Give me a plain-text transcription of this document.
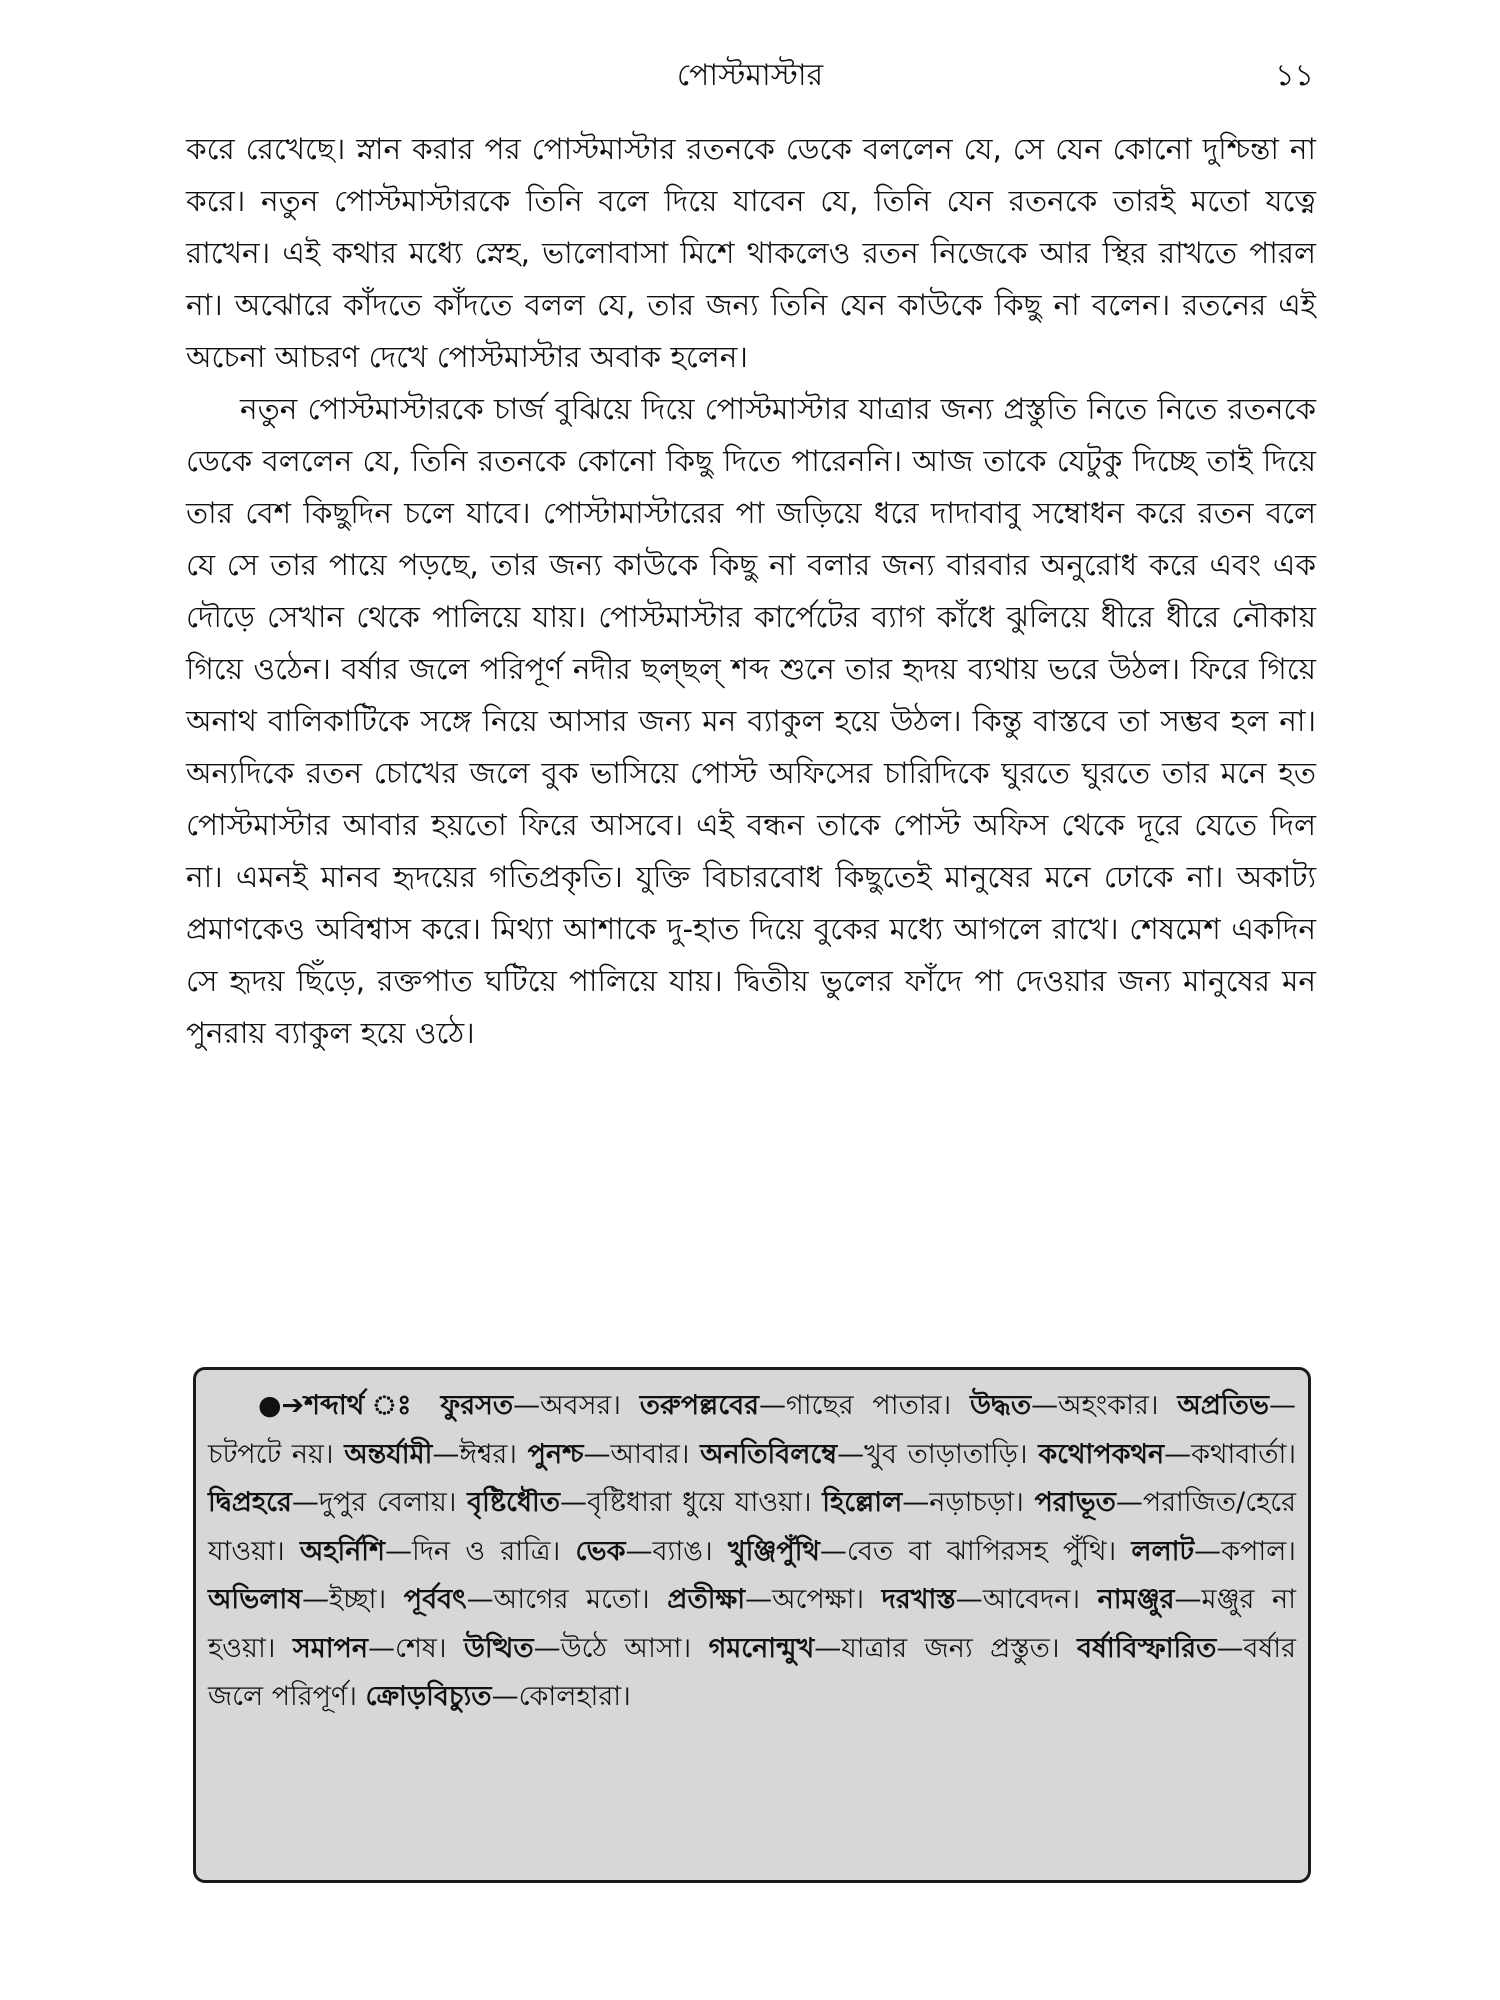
পোস্টমাস্টার	১১

করে রেখেছে। স্নান করার পর পোস্টমাস্টার রতনকে ডেকে বললেন যে, সে যেন কোনো দুশ্চিন্তা না করে। নতুন পোস্টমাস্টারকে তিনি বলে দিয়ে যাবেন যে, তিনি যেন রতনকে তারই মতো যত্নে রাখেন। এই কথার মধ্যে স্নেহ, ভালোবাসা মিশে থাকলেও রতন নিজেকে আর স্থির রাখতে পারল না। অঝোরে কাঁদতে কাঁদতে বলল যে, তার জন্য তিনি যেন কাউকে কিছু না বলেন। রতনের এই অচেনা আচরণ দেখে পোস্টমাস্টার অবাক হলেন।

নতুন পোস্টমাস্টারকে চার্জ বুঝিয়ে দিয়ে পোস্টমাস্টার যাত্রার জন্য প্রস্তুতি নিতে নিতে রতনকে ডেকে বললেন যে, তিনি রতনকে কোনো কিছু দিতে পারেননি। আজ তাকে যেটুকু দিচ্ছে তাই দিয়ে তার বেশ কিছুদিন চলে যাবে। পোস্টামাস্টারের পা জড়িয়ে ধরে দাদাবাবু সম্বোধন করে রতন বলে যে সে তার পায়ে পড়ছে, তার জন্য কাউকে কিছু না বলার জন্য বারবার অনুরোধ করে এবং এক দৌড়ে সেখান থেকে পালিয়ে যায়। পোস্টমাস্টার কার্পেটের ব্যাগ কাঁধে ঝুলিয়ে ধীরে ধীরে নৌকায় গিয়ে ওঠেন। বর্ষার জলে পরিপূর্ণ নদীর ছল্‌ছল্‌ শব্দ শুনে তার হৃদয় ব্যথায় ভরে উঠল। ফিরে গিয়ে অনাথ বালিকাটিকে সঙ্গে নিয়ে আসার জন্য মন ব্যাকুল হয়ে উঠল। কিন্তু বাস্তবে তা সম্ভব হল না। অন্যদিকে রতন চোখের জলে বুক ভাসিয়ে পোস্ট অফিসের চারিদিকে ঘুরতে ঘুরতে তার মনে হত পোস্টমাস্টার আবার হয়তো ফিরে আসবে। এই বন্ধন তাকে পোস্ট অফিস থেকে দূরে যেতে দিল না। এমনই মানব হৃদয়ের গতিপ্রকৃতি। যুক্তি বিচারবোধ কিছুতেই মানুষের মনে ঢোকে না। অকাট্য প্রমাণকেও অবিশ্বাস করে। মিথ্যা আশাকে দু-হাত দিয়ে বুকের মধ্যে আগলে রাখে। শেষমেশ একদিন সে হৃদয় ছিঁড়ে, রক্তপাত ঘটিয়ে পালিয়ে যায়। দ্বিতীয় ভুলের ফাঁদে পা দেওয়ার জন্য মানুষের মন পুনরায় ব্যাকুল হয়ে ওঠে।

●➔শব্দার্থ ঃ ফুরসত—অবসর। তরুপল্লবের—গাছের পাতার। উদ্ধত—অহংকার। অপ্রতিভ—চটপটে নয়। অন্তর্যামী—ঈশ্বর। পুনশ্চ—আবার। অনতিবিলম্বে—খুব তাড়াতাড়ি। কথোপকথন—কথাবার্তা। দ্বিপ্রহরে—দুপুর বেলায়। বৃষ্টিধৌত—বৃষ্টিধারা ধুয়ে যাওয়া। হিল্লোল—নড়াচড়া। পরাভূত—পরাজিত/হেরে যাওয়া। অহর্নিশি—দিন ও রাত্রি। ভেক—ব্যাঙ। খুঞ্জিপুঁথি—বেত বা ঝাপিরসহ পুঁথি। ললাট—কপাল। অভিলাষ—ইচ্ছা। পূর্ববৎ—আগের মতো। প্রতীক্ষা—অপেক্ষা। দরখাস্ত—আবেদন। নামঞ্জুর—মঞ্জুর না হওয়া। সমাপন—শেষ। উত্থিত—উঠে আসা। গমনোন্মুখ—যাত্রার জন্য প্রস্তুত। বর্ষাবিস্ফারিত—বর্ষার জলে পরিপূর্ণ। ক্রোড়বিচ্যুত—কোলহারা।
